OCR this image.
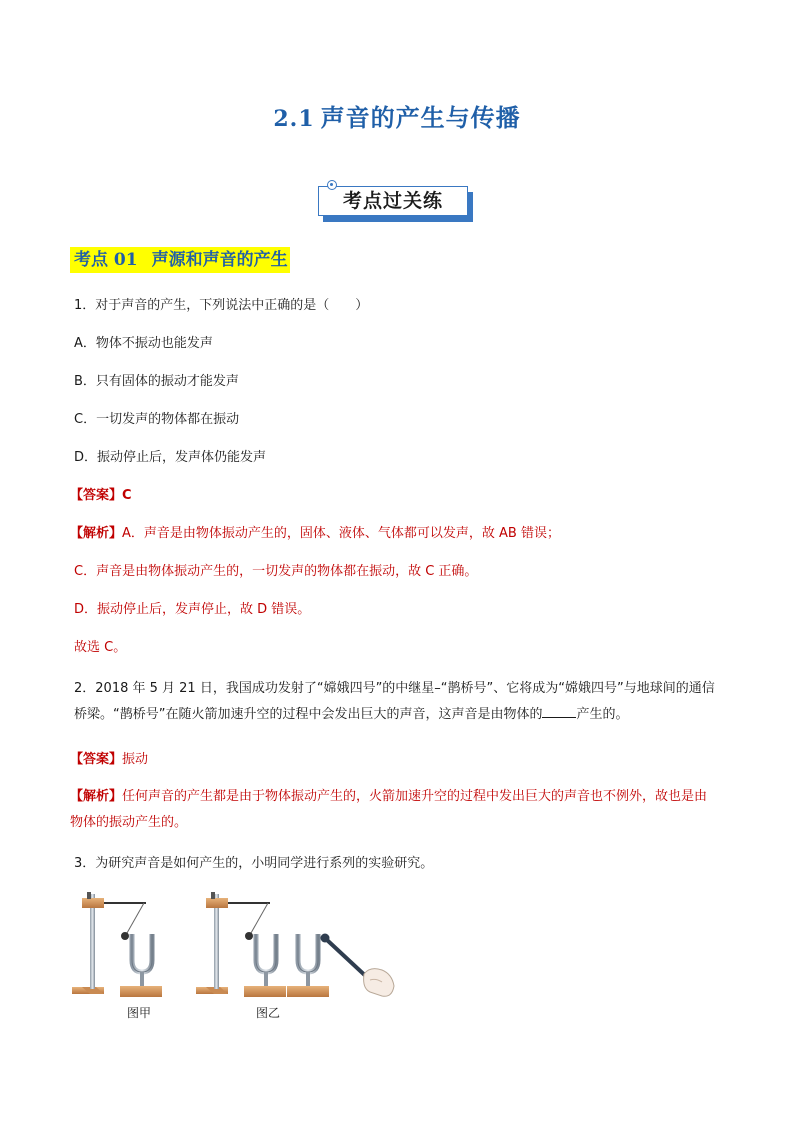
2.1 声音的产生与传播
考点过关练
考点 01 声源和声音的产生
1．对于声音的产生，下列说法中正确的是（　　）
A．物体不振动也能发声
B．只有固体的振动才能发声
C．一切发声的物体都在振动
D．振动停止后，发声体仍能发声
【答案】C
【解析】A．声音是由物体振动产生的，固体、液体、气体都可以发声，故 AB 错误；
C．声音是由物体振动产生的，一切发声的物体都在振动，故 C 正确。
D．振动停止后，发声停止，故 D 错误。
故选 C。
2．2018 年 5 月 21 日，我国成功发射了“嫦娥四号”的中继星–“鹊桥号”、它将成为“嫦娥四号”与地球间的通信桥梁。“鹊桥号”在随火箭加速升空的过程中会发出巨大的声音，这声音是由物体的	产生的。
【答案】振动
【解析】任何声音的产生都是由于物体振动产生的，火箭加速升空的过程中发出巨大的声音也不例外，故也是由物体的振动产生的。
3．为研究声音是如何产生的，小明同学进行系列的实验研究。
图甲	图乙
